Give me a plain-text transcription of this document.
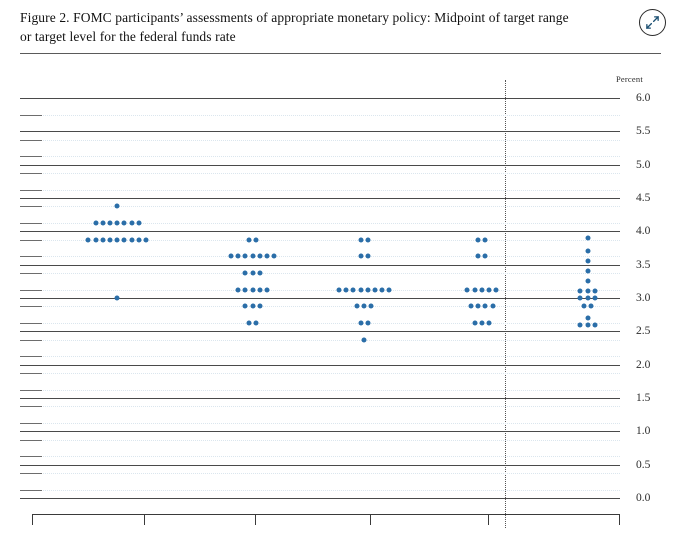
Figure 2. FOMC participants’ assessments of appropriate monetary policy: Midpoint of target range
or target level for the federal funds rate
Percent
0.0
0.5
1.0
1.5
2.0
2.5
3.0
3.5
4.0
4.5
5.0
5.5
6.0
